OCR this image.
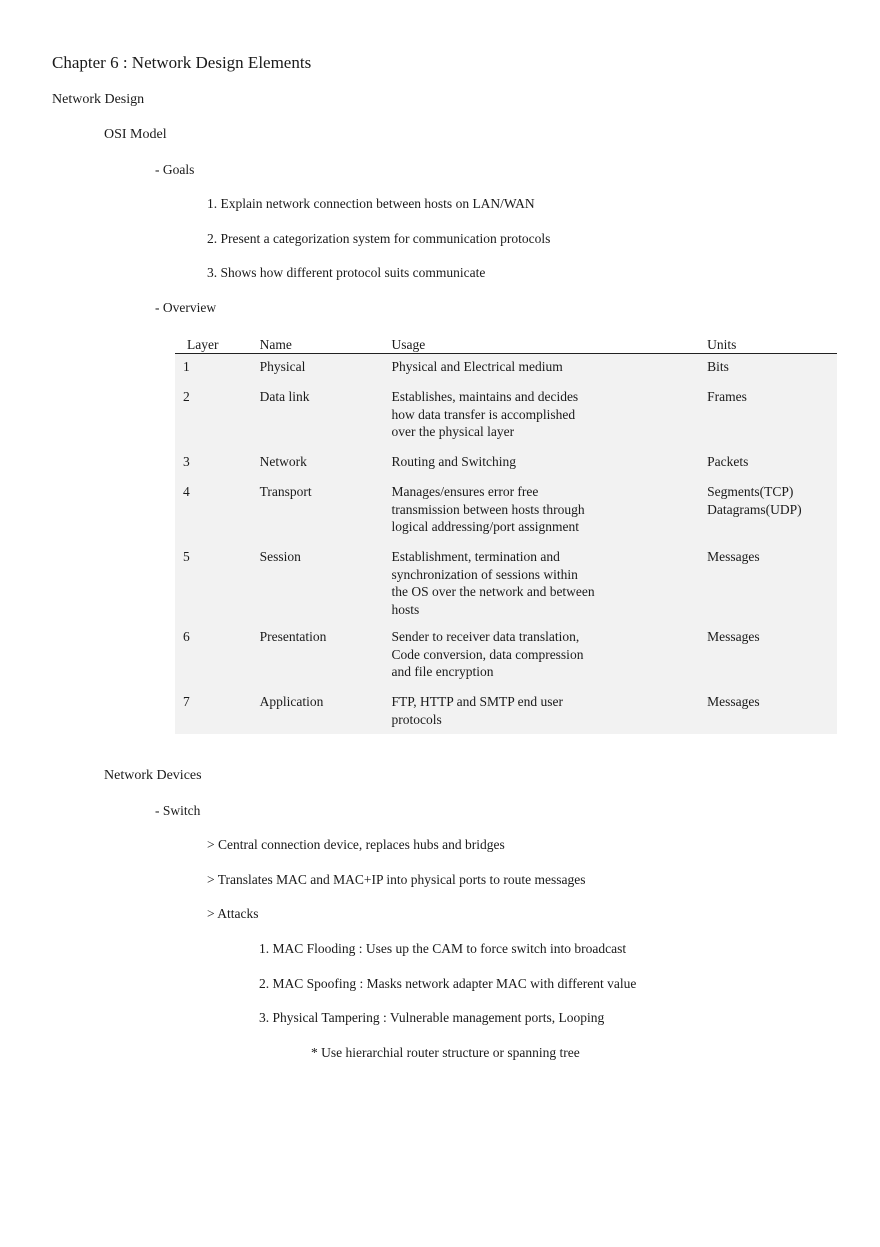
Chapter 6 : Network Design Elements
Network Design
OSI Model
- Goals
1. Explain network connection between hosts on LAN/WAN
2. Present a categorization system for communication protocols
3. Shows how different protocol suits communicate
- Overview
Layer	Name	Usage	Units
1	Physical	Physical and Electrical medium	Bits
2	Data link	Establishes, maintains and decides
how data transfer is accomplished
over the physical layer	Frames
3	Network	Routing and Switching	Packets
4	Transport	Manages/ensures error free
transmission between hosts through
logical addressing/port assignment	Segments(TCP)
Datagrams(UDP)
5	Session	Establishment, termination and
synchronization of sessions within
the OS over the network and between
hosts	Messages
6	Presentation	Sender to receiver data translation,
Code conversion, data compression
and file encryption	Messages
7	Application	FTP, HTTP and SMTP end user
protocols	Messages
Network Devices
- Switch
> Central connection device, replaces hubs and bridges
> Translates MAC and MAC+IP into physical ports to route messages
> Attacks
1. MAC Flooding : Uses up the CAM to force switch into broadcast
2. MAC Spoofing : Masks network adapter MAC with different value
3. Physical Tampering : Vulnerable management ports, Looping
* Use hierarchial router structure or spanning tree
